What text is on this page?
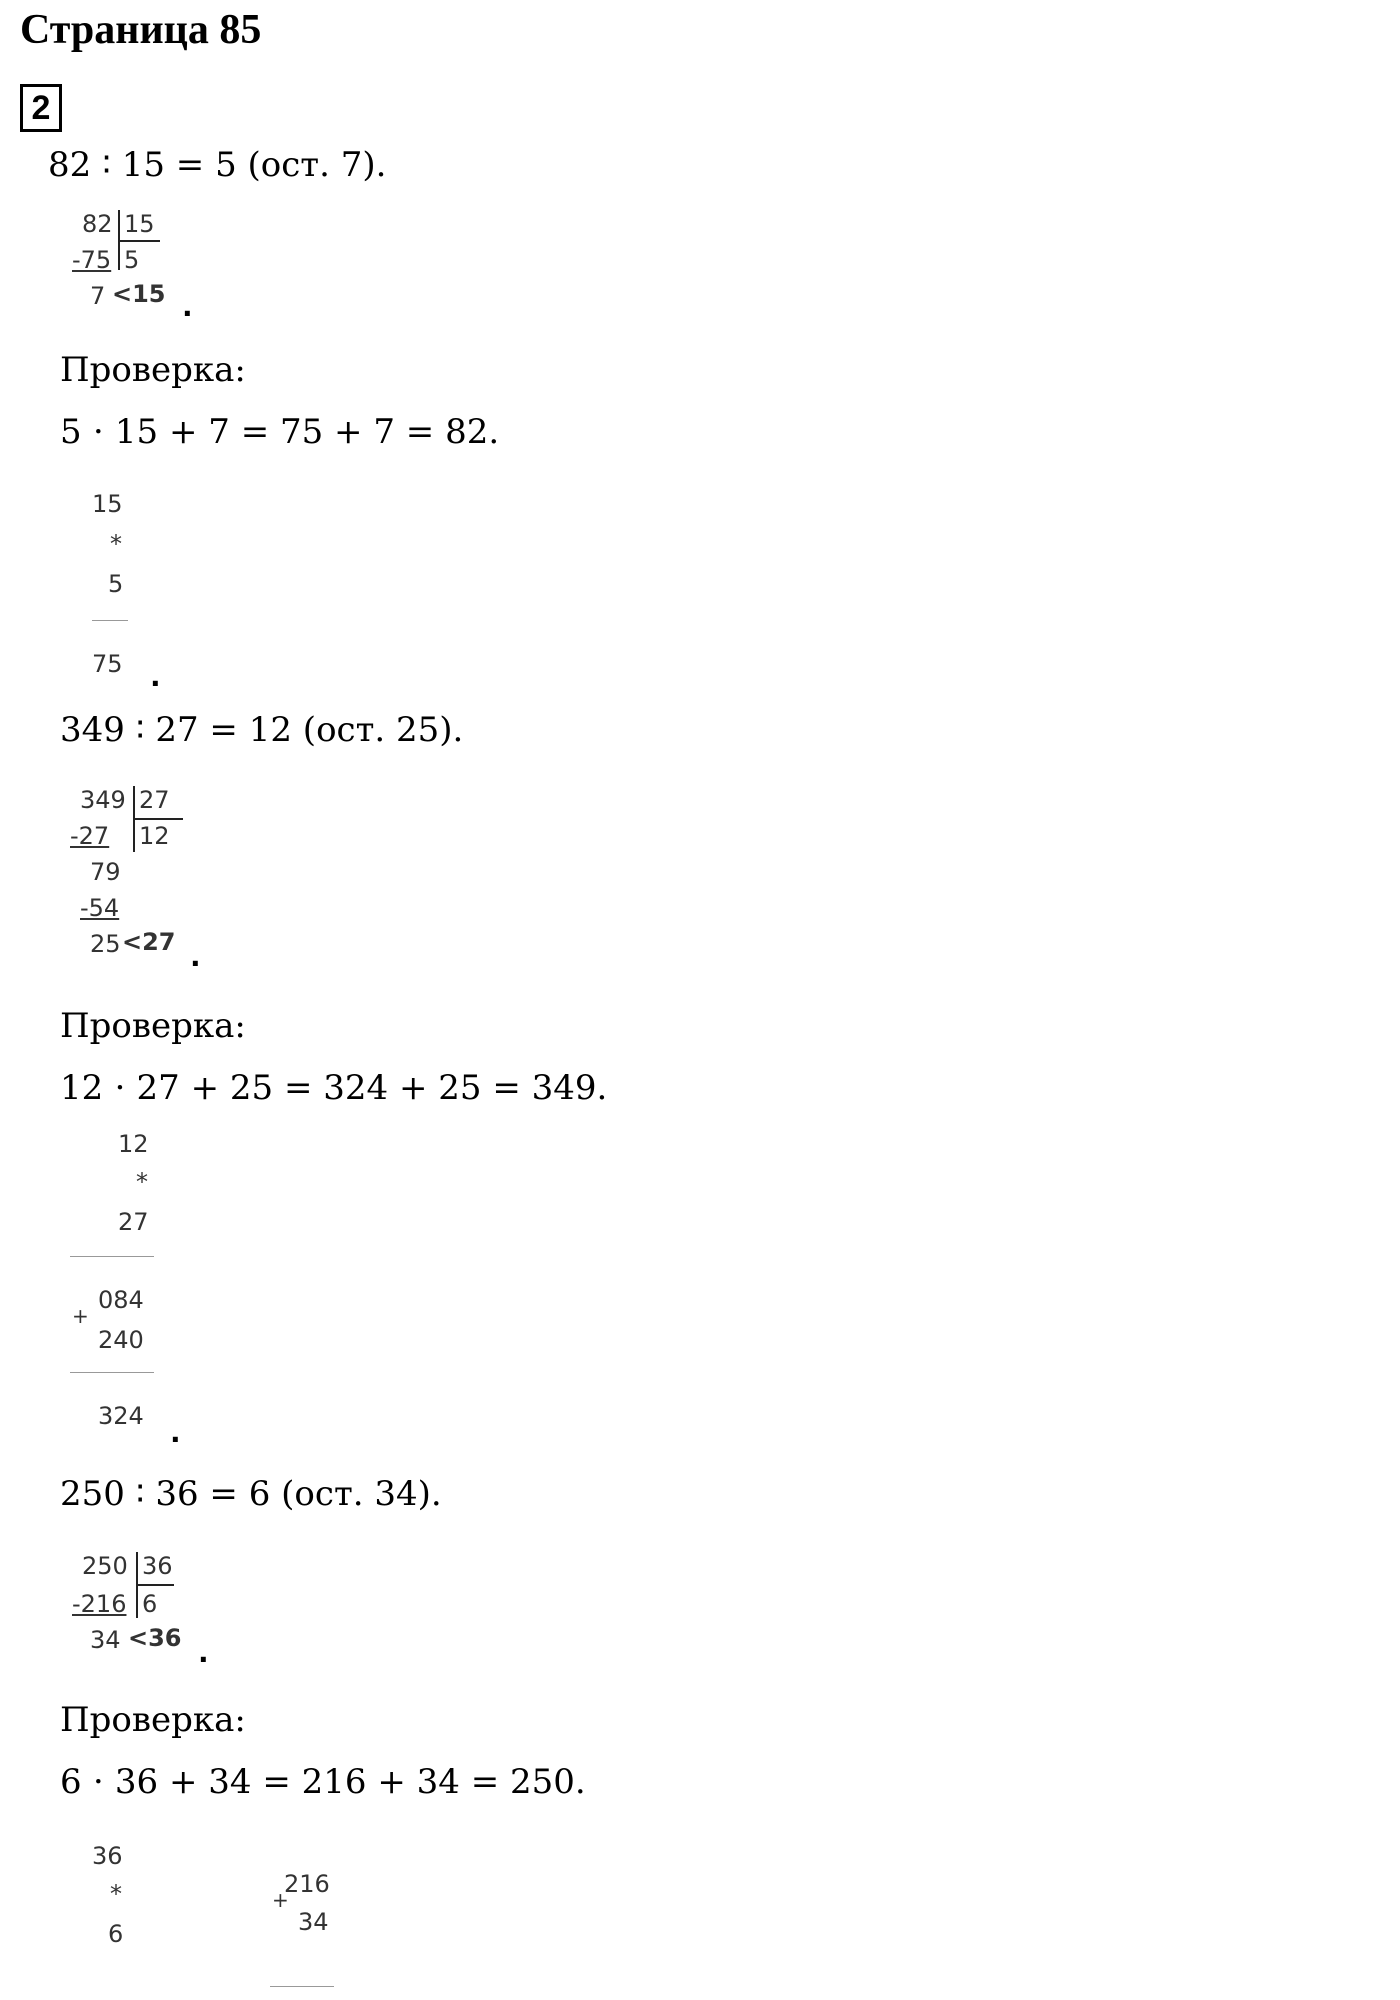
Страница 85
2
82 ∶ 15 = 5 (ост. 7).
82 15
-75 5
7 <15 .
Проверка:
5 ⋅ 15 + 7 = 75 + 7 = 82.
15
*
5
75 .
349 ∶ 27 = 12 (ост. 25).
349 27
-27 12
79
-54
25 <27 .
Проверка:
12 ⋅ 27 + 25 = 324 + 25 = 349.
12
*
27
084
+
240
324 .
250 ∶ 36 = 6 (ост. 34).
250 36
-216 6
34 <36 .
Проверка:
6 ⋅ 36 + 34 = 216 + 34 = 250.
36
*
6
216
+
34
